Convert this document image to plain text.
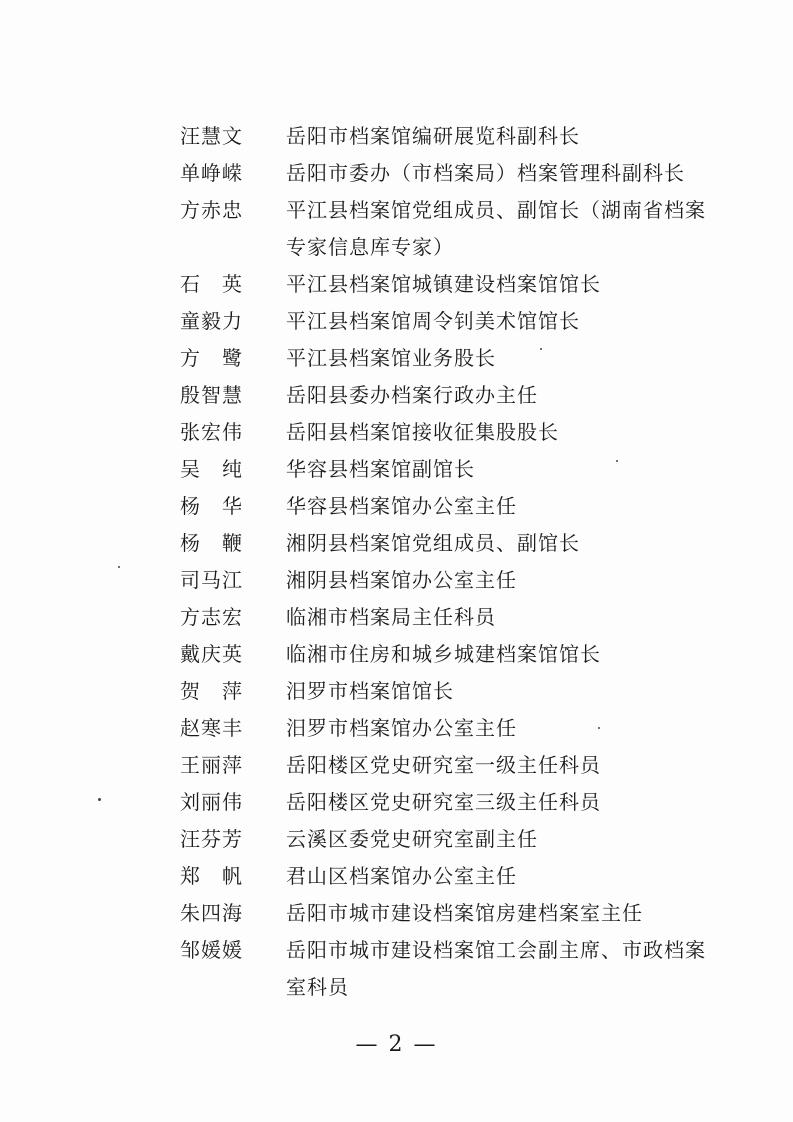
汪慧文	岳阳市档案馆编研展览科副科长
单峥嵘	岳阳市委办（市档案局）档案管理科副科长
方赤忠	平江县档案馆党组成员、副馆长（湖南省档案专家信息库专家）
石　英	平江县档案馆城镇建设档案馆馆长
童毅力	平江县档案馆周令钊美术馆馆长
方　鹭	平江县档案馆业务股长
殷智慧	岳阳县委办档案行政办主任
张宏伟	岳阳县档案馆接收征集股股长
吴　纯	华容县档案馆副馆长
杨　华	华容县档案馆办公室主任
杨　鞭	湘阴县档案馆党组成员、副馆长
司马江	湘阴县档案馆办公室主任
方志宏	临湘市档案局主任科员
戴庆英	临湘市住房和城乡城建档案馆馆长
贺　萍	汨罗市档案馆馆长
赵寒丰	汨罗市档案馆办公室主任
王丽萍	岳阳楼区党史研究室一级主任科员
刘丽伟	岳阳楼区党史研究室三级主任科员
汪芬芳	云溪区委党史研究室副主任
郑　帆	君山区档案馆办公室主任
朱四海	岳阳市城市建设档案馆房建档案室主任
邹媛媛	岳阳市城市建设档案馆工会副主席、市政档案室科员
— 2 —
